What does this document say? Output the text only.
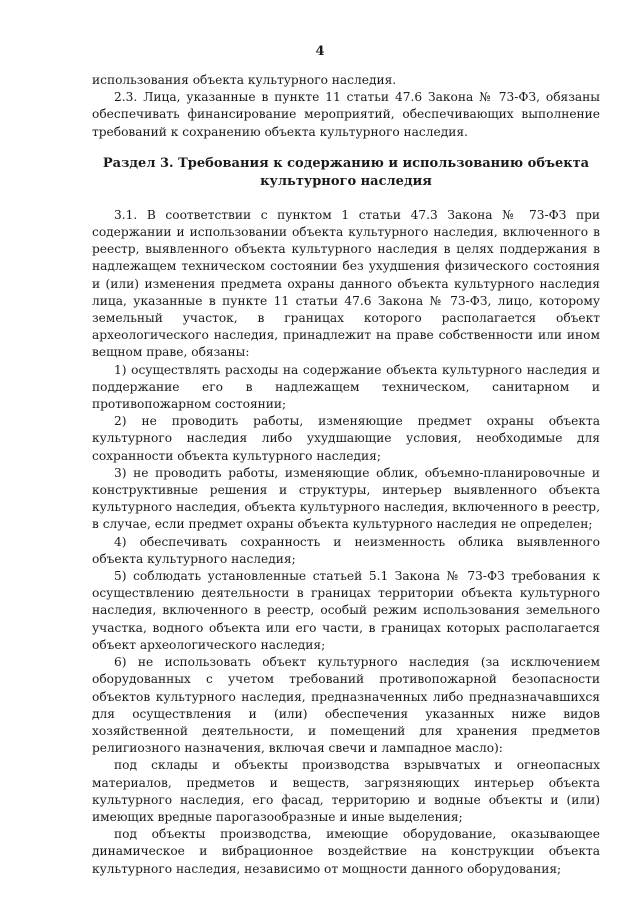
4

использования объекта культурного наследия.

2.3. Лица, указанные в пункте 11 статьи 47.6 Закона № 73-ФЗ, обязаны обеспечивать финансирование мероприятий, обеспечивающих выполнение требований к сохранению объекта культурного наследия.

Раздел 3. Требования к содержанию и использованию объекта
культурного наследия

3.1. В соответствии с пунктом 1 статьи 47.3 Закона № 73-ФЗ при содержании и использовании объекта культурного наследия, включенного в реестр, выявленного объекта культурного наследия в целях поддержания в надлежащем техническом состоянии без ухудшения физического состояния и (или) изменения предмета охраны данного объекта культурного наследия лица, указанные в пункте 11 статьи 47.6 Закона № 73-ФЗ, лицо, которому земельный участок, в границах которого располагается объект археологического наследия, принадлежит на праве собственности или ином вещном праве, обязаны:

1) осуществлять расходы на содержание объекта культурного наследия и поддержание его в надлежащем техническом, санитарном и противопожарном состоянии;

2) не проводить работы, изменяющие предмет охраны объекта культурного наследия либо ухудшающие условия, необходимые для сохранности объекта культурного наследия;

3) не проводить работы, изменяющие облик, объемно-планировочные и конструктивные решения и структуры, интерьер выявленного объекта культурного наследия, объекта культурного наследия, включенного в реестр, в случае, если предмет охраны объекта культурного наследия не определен;

4) обеспечивать сохранность и неизменность облика выявленного объекта культурного наследия;

5) соблюдать установленные статьей 5.1 Закона № 73-ФЗ требования к осуществлению деятельности в границах территории объекта культурного наследия, включенного в реестр, особый режим использования земельного участка, водного объекта или его части, в границах которых располагается объект археологического наследия;

6) не использовать объект культурного наследия (за исключением оборудованных с учетом требований противопожарной безопасности объектов культурного наследия, предназначенных либо предназначавшихся для осуществления и (или) обеспечения указанных ниже видов хозяйственной деятельности, и помещений для хранения предметов религиозного назначения, включая свечи и лампадное масло):

под склады и объекты производства взрывчатых и огнеопасных материалов, предметов и веществ, загрязняющих интерьер объекта культурного наследия, его фасад, территорию и водные объекты и (или) имеющих вредные парогазообразные и иные выделения;

под объекты производства, имеющие оборудование, оказывающее динамическое и вибрационное воздействие на конструкции объекта культурного наследия, независимо от мощности данного оборудования;
